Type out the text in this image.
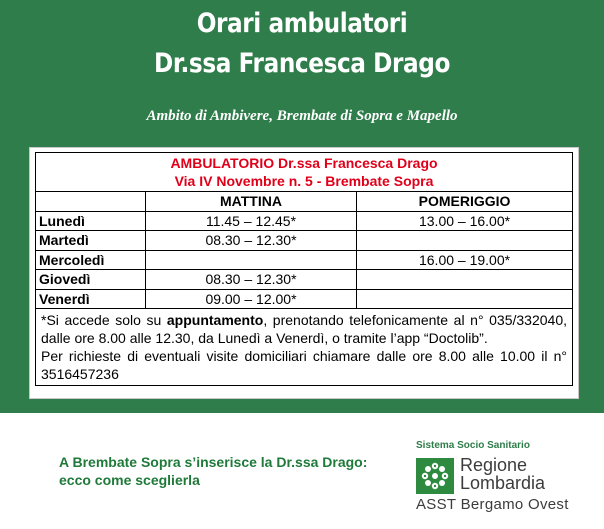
Orari ambulatori
Dr.ssa Francesca Drago
Ambito di Ambivere, Brembate di Sopra e Mapello
AMBULATORIO Dr.ssa Francesca Drago
Via IV Novembre n. 5 - Brembate Sopra		

	MATTINA	POMERIGGIO
Lunedì	11.45 – 12.45*	13.00 – 16.00*
Martedì	08.30 – 12.30*	
Mercoledì		16.00 – 19.00*
Giovedì	08.30 – 12.30*	
Venerdì	09.00 – 12.00*	

*Si accede solo su appuntamento, prenotando telefonicamente al n° 035/332040, dalle ore 8.00 alle 12.30, da Lunedì a Venerdì, o tramite l’app “Doctolib”.

Per richieste di eventuali visite domiciliari chiamare dalle ore 8.00 alle 10.00 il n° 3516457236		

A Brembate Sopra s’inserisce la Dr.ssa Drago: ecco come sceglierla
Sistema Socio Sanitario
Regione
Lombardia
ASST Bergamo Ovest
